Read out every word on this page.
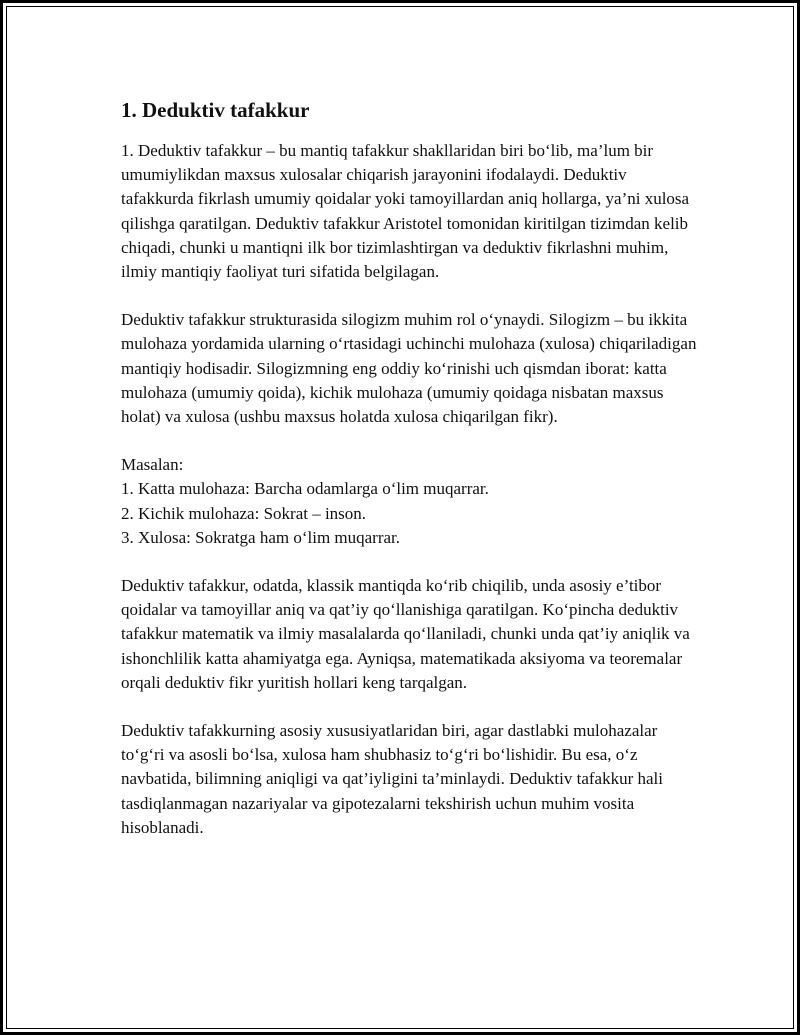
1. Deduktiv tafakkur

1. Deduktiv tafakkur – bu mantiq tafakkur shakllaridan biri bo‘lib, ma’lum bir umumiylikdan maxsus xulosalar chiqarish jarayonini ifodalaydi. Deduktiv tafakkurda fikrlash umumiy qoidalar yoki tamoyillardan aniq hollarga, ya’ni xulosa qilishga qaratilgan. Deduktiv tafakkur Aristotel tomonidan kiritilgan tizimdan kelib chiqadi, chunki u mantiqni ilk bor tizimlashtirgan va deduktiv fikrlashni muhim, ilmiy mantiqiy faoliyat turi sifatida belgilagan.

Deduktiv tafakkur strukturasida silogizm muhim rol o‘ynaydi. Silogizm – bu ikkita mulohaza yordamida ularning o‘rtasidagi uchinchi mulohaza (xulosa) chiqariladigan mantiqiy hodisadir. Silogizmning eng oddiy ko‘rinishi uch qismdan iborat: katta mulohaza (umumiy qoida), kichik mulohaza (umumiy qoidaga nisbatan maxsus holat) va xulosa (ushbu maxsus holatda xulosa chiqarilgan fikr).

Masalan:
1. Katta mulohaza: Barcha odamlarga o‘lim muqarrar.
2. Kichik mulohaza: Sokrat – inson.
3. Xulosa: Sokratga ham o‘lim muqarrar.

Deduktiv tafakkur, odatda, klassik mantiqda ko‘rib chiqilib, unda asosiy e’tibor qoidalar va tamoyillar aniq va qat’iy qo‘llanishiga qaratilgan. Ko‘pincha deduktiv tafakkur matematik va ilmiy masalalarda qo‘llaniladi, chunki unda qat’iy aniqlik va ishonchlilik katta ahamiyatga ega. Ayniqsa, matematikada aksiyoma va teoremalar orqali deduktiv fikr yuritish hollari keng tarqalgan.

Deduktiv tafakkurning asosiy xususiyatlaridan biri, agar dastlabki mulohazalar to‘g‘ri va asosli bo‘lsa, xulosa ham shubhasiz to‘g‘ri bo‘lishidir. Bu esa, o‘z navbatida, bilimning aniqligi va qat’iyligini ta’minlaydi. Deduktiv tafakkur hali tasdiqlanmagan nazariyalar va gipotezalarni tekshirish uchun muhim vosita hisoblanadi.
